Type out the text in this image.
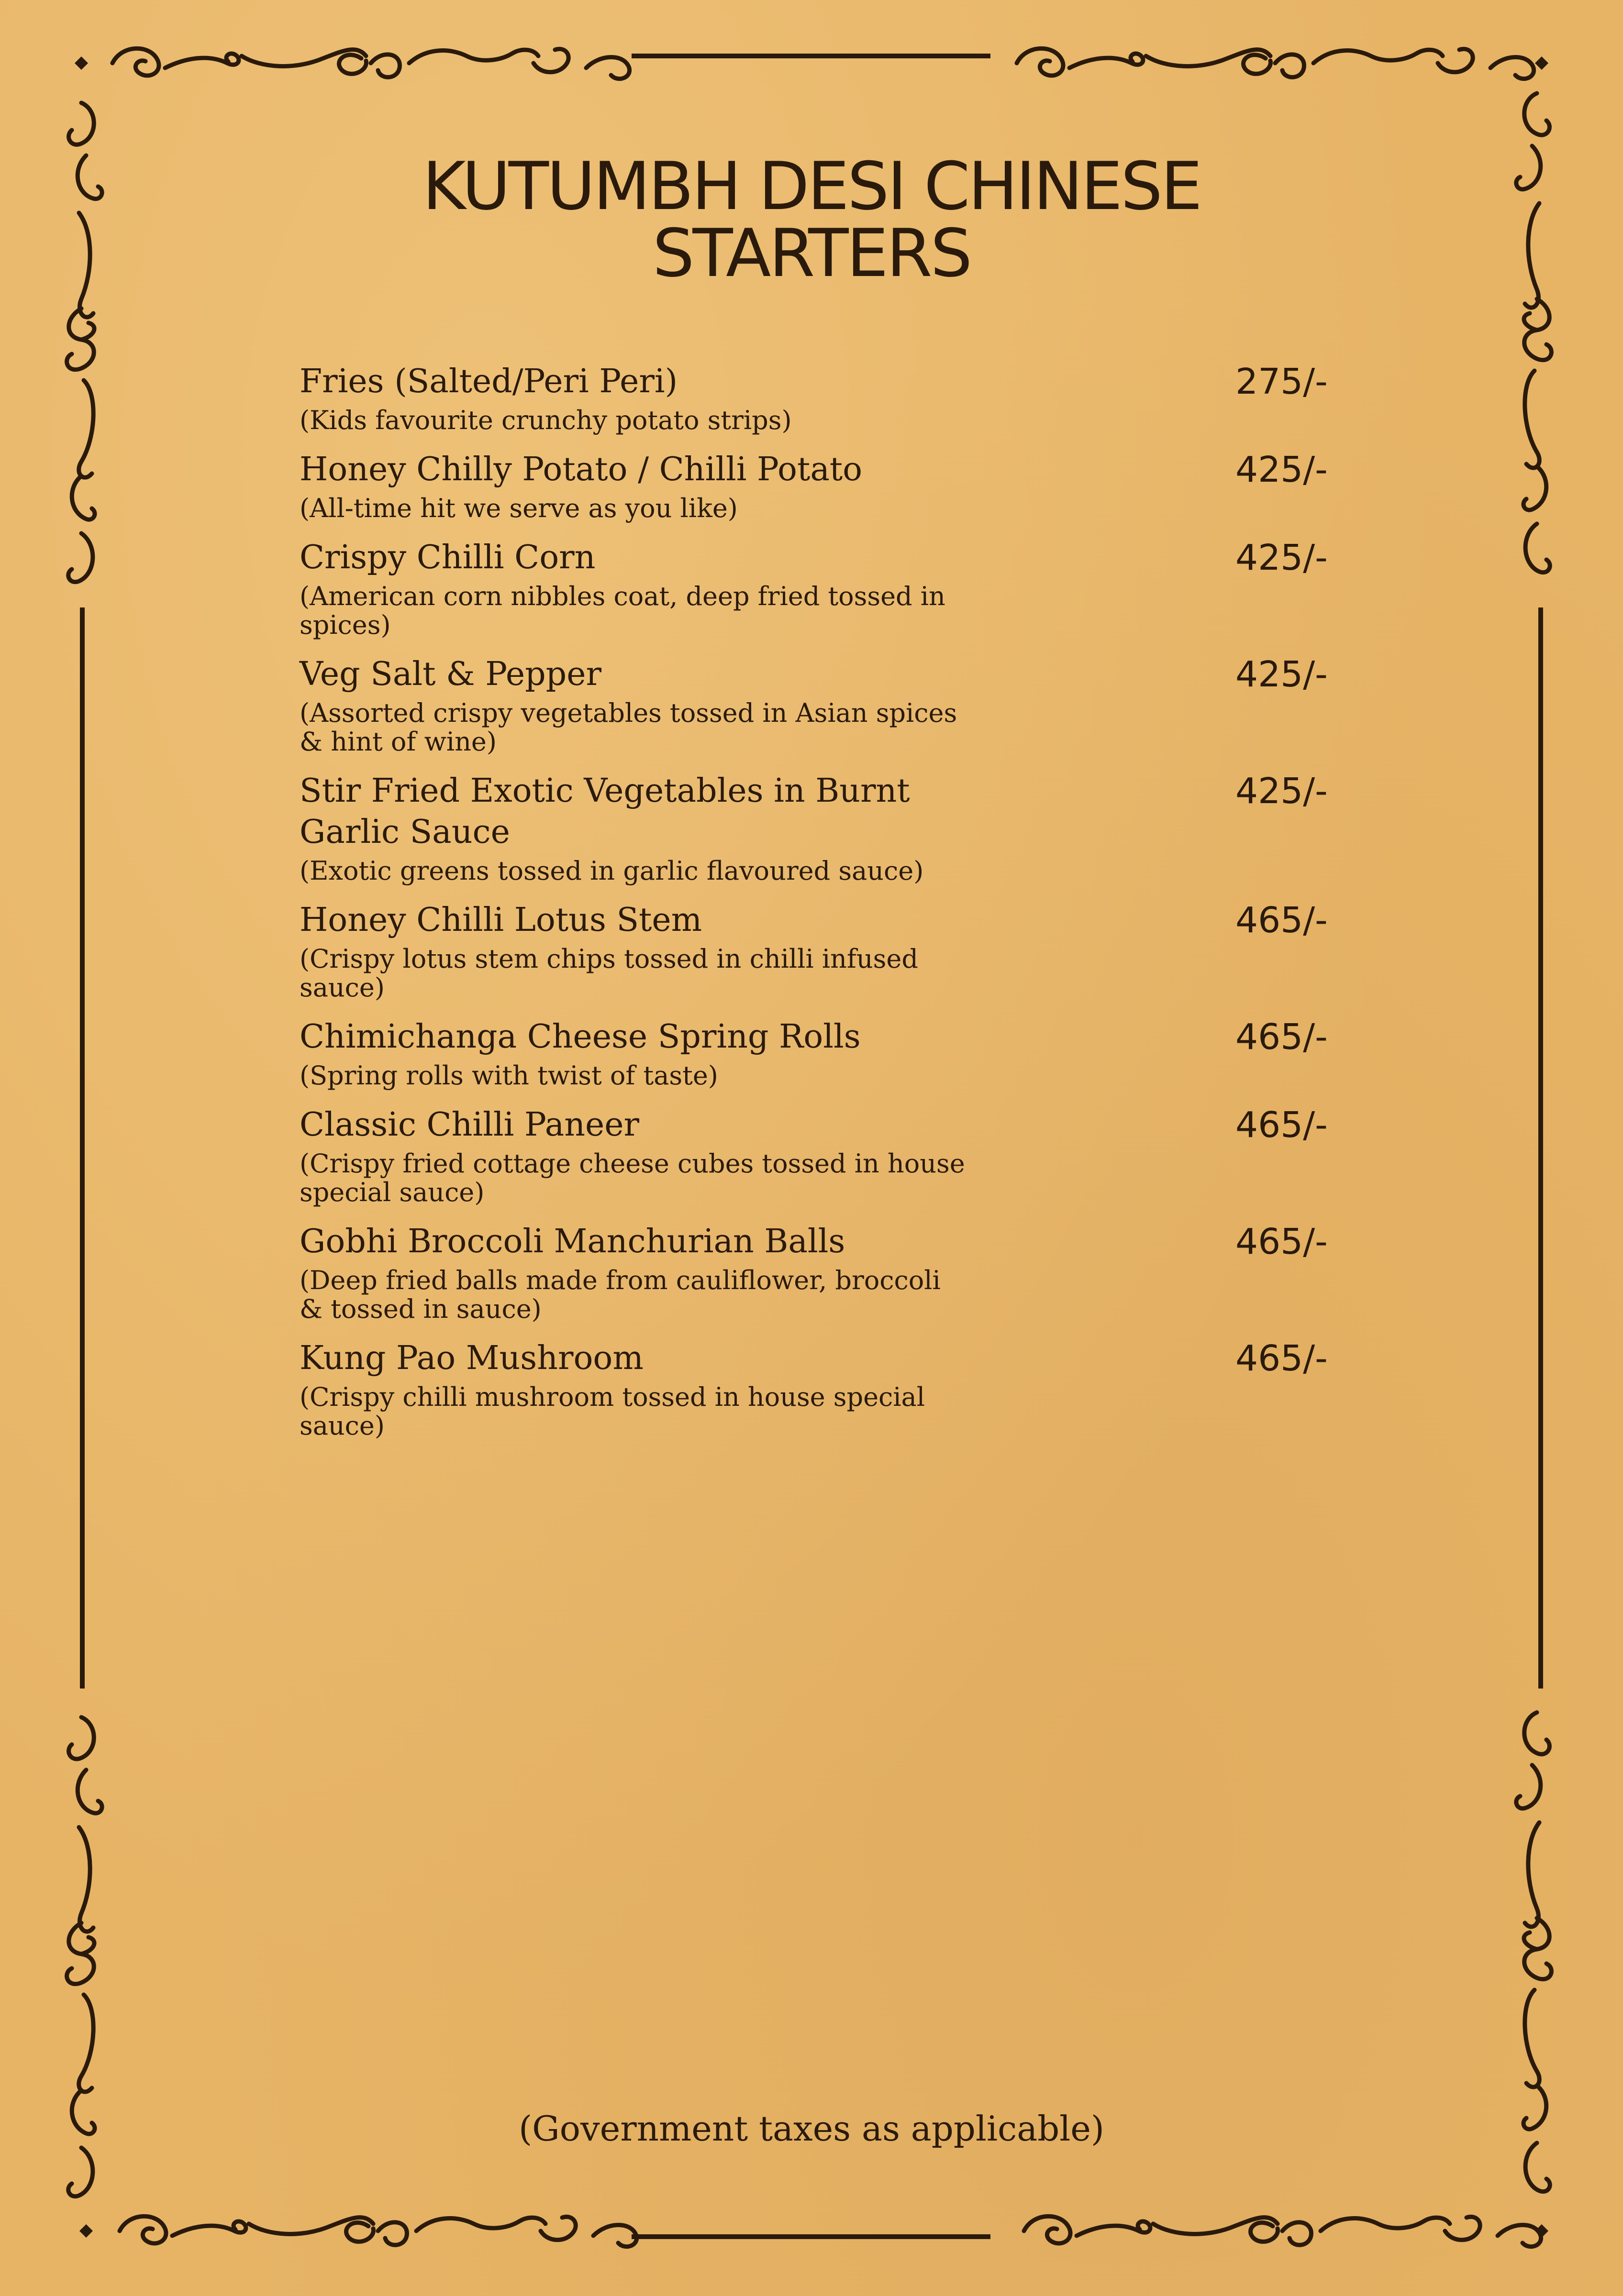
KUTUMBH DESI CHINESE
STARTERS
Fries (Salted/Peri Peri)
(Kids favourite crunchy potato strips)
275/-
Honey Chilly Potato / Chilli Potato
(All-time hit we serve as you like)
425/-
Crispy Chilli Corn
(American corn nibbles coat, deep fried tossed in spices)
425/-
Veg Salt & Pepper
(Assorted crispy vegetables tossed in Asian spices & hint of wine)
425/-
Stir Fried Exotic Vegetables in Burnt Garlic Sauce
(Exotic greens tossed in garlic flavoured sauce)
425/-
Honey Chilli Lotus Stem
(Crispy lotus stem chips tossed in chilli infused sauce)
465/-
Chimichanga Cheese Spring Rolls
(Spring rolls with twist of taste)
465/-
Classic Chilli Paneer
(Crispy fried cottage cheese cubes tossed in house special sauce)
465/-
Gobhi Broccoli Manchurian Balls
(Deep fried balls made from cauliflower, broccoli & tossed in sauce)
465/-
Kung Pao Mushroom
(Crispy chilli mushroom tossed in house special sauce)
465/-
(Government taxes as applicable)
